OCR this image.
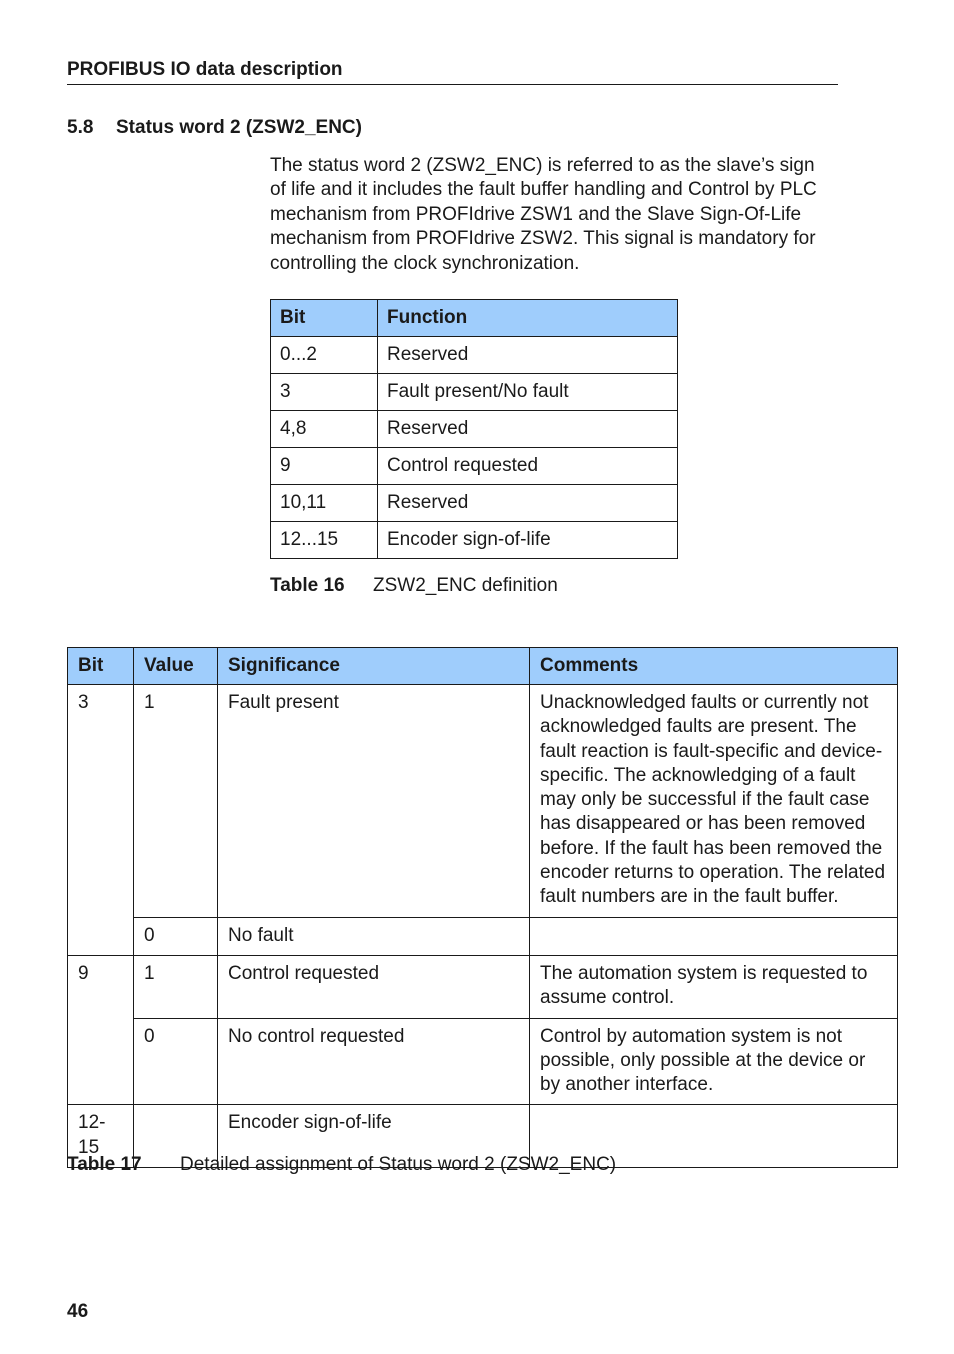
PROFIBUS IO data description
5.8 Status word 2 (ZSW2_ENC)

The status word 2 (ZSW2_ENC) is referred to as the slave’s sign of life and it includes the fault buffer handling and Control by PLC mechanism from PROFIdrive ZSW1 and the Slave Sign-Of-Life mechanism from PROFIdrive ZSW2. This signal is mandatory for controlling the clock synchronization.

Bit	Function
0...2	Reserved
3	Fault present/No fault
4,8	Reserved
9	Control requested
10,11	Reserved
12...15	Encoder sign-of-life
Table 16 ZSW2_ENC definition
Bit	Value	Significance	Comments
3	1	Fault present	Unacknowledged faults or currently not acknowledged faults are present. The fault reaction is fault-specific and device-specific. The acknowledging of a fault may only be successful if the fault case has disappeared or has been removed before. If the fault has been removed the encoder returns to operation. The related fault numbers are in the fault buffer.
	0	No fault	
9	1	Control requested	The automation system is requested to assume control.
	0	No control requested	Control by automation system is not possible, only possible at the device or by another interface.
12-15		Encoder sign-of-life	
Table 17 Detailed assignment of Status word 2 (ZSW2_ENC)
46
